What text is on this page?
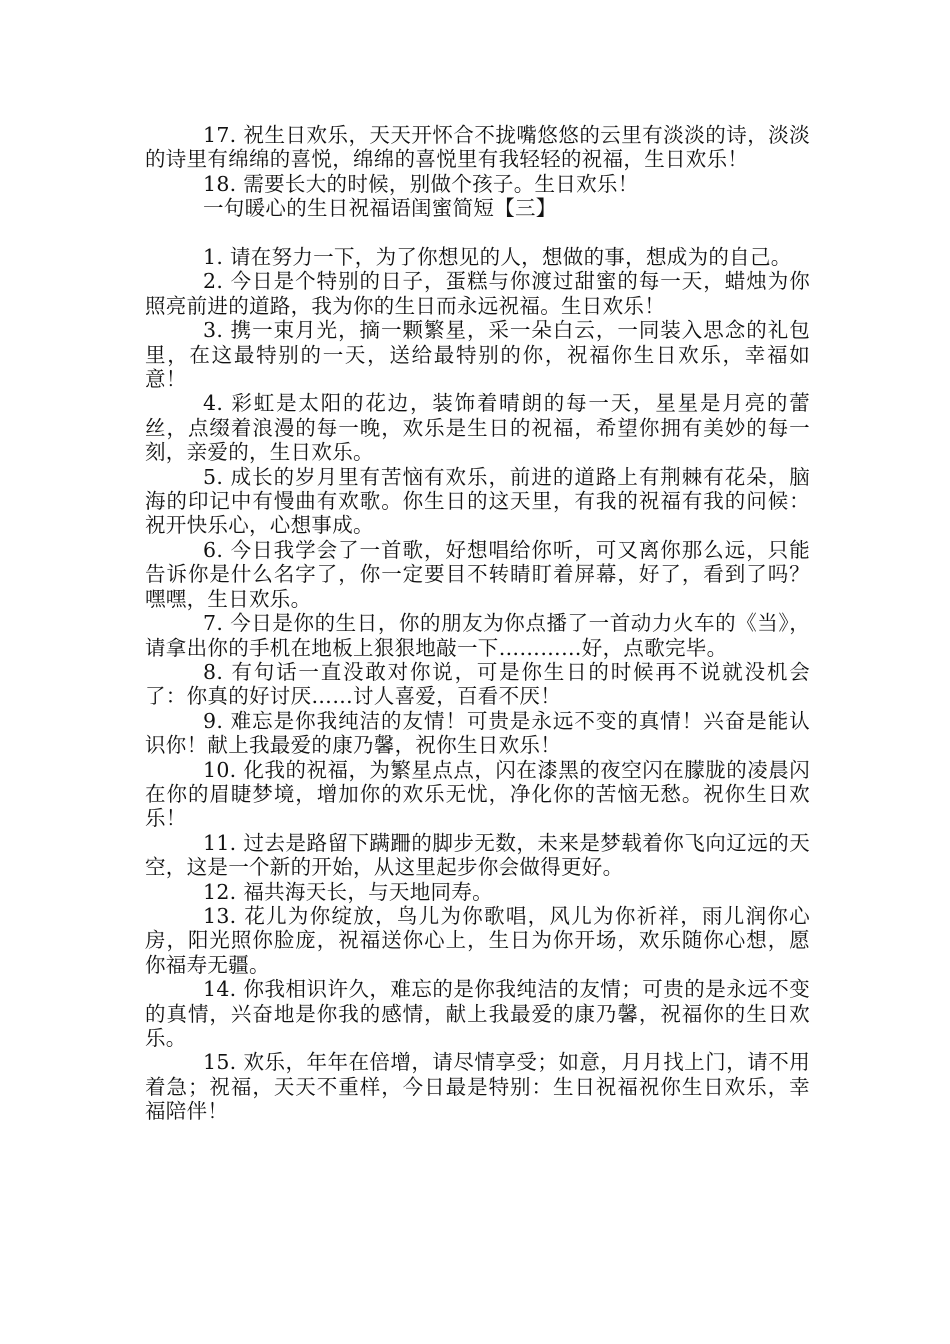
17. 祝生日欢乐，天天开怀合不拢嘴悠悠的云里有淡淡的诗，淡淡的诗里有绵绵的喜悦，绵绵的喜悦里有我轻轻的祝福，生日欢乐！

18. 需要长大的时候，别做个孩子。生日欢乐！

一句暖心的生日祝福语闺蜜简短【三】

1. 请在努力一下，为了你想见的人，想做的事，想成为的自己。

2. 今日是个特别的日子，蛋糕与你渡过甜蜜的每一天，蜡烛为你照亮前进的道路，我为你的生日而永远祝福。生日欢乐！

3. 携一束月光，摘一颗繁星，采一朵白云，一同装入思念的礼包里，在这最特别的一天，送给最特别的你，祝福你生日欢乐，幸福如意！

4. 彩虹是太阳的花边，装饰着晴朗的每一天，星星是月亮的蕾丝，点缀着浪漫的每一晚，欢乐是生日的祝福，希望你拥有美妙的每一刻，亲爱的，生日欢乐。

5. 成长的岁月里有苦恼有欢乐，前进的道路上有荆棘有花朵，脑海的印记中有慢曲有欢歌。你生日的这天里，有我的祝福有我的问候：祝开快乐心，心想事成。

6. 今日我学会了一首歌，好想唱给你听，可又离你那么远，只能告诉你是什么名字了，你一定要目不转睛盯着屏幕，好了，看到了吗？嘿嘿，生日欢乐。

7. 今日是你的生日，你的朋友为你点播了一首动力火车的《当》，请拿出你的手机在地板上狠狠地敲一下…………好，点歌完毕。

8. 有句话一直没敢对你说，可是你生日的时候再不说就没机会了：你真的好讨厌……讨人喜爱，百看不厌！

9. 难忘是你我纯洁的友情！可贵是永远不变的真情！兴奋是能认识你！献上我最爱的康乃馨，祝你生日欢乐！

10. 化我的祝福，为繁星点点，闪在漆黑的夜空闪在朦胧的凌晨闪在你的眉睫梦境，增加你的欢乐无忧，净化你的苦恼无愁。祝你生日欢乐！

11. 过去是路留下蹒跚的脚步无数，未来是梦载着你飞向辽远的天空，这是一个新的开始，从这里起步你会做得更好。

12. 福共海天长，与天地同寿。

13. 花儿为你绽放，鸟儿为你歌唱，风儿为你祈祥，雨儿润你心房，阳光照你脸庞，祝福送你心上，生日为你开场，欢乐随你心想，愿你福寿无疆。

14. 你我相识许久，难忘的是你我纯洁的友情；可贵的是永远不变的真情，兴奋地是你我的感情，献上我最爱的康乃馨，祝福你的生日欢乐。

15. 欢乐，年年在倍增，请尽情享受；如意，月月找上门，请不用着急；祝福，天天不重样，今日最是特别：生日祝福祝你生日欢乐，幸福陪伴！
